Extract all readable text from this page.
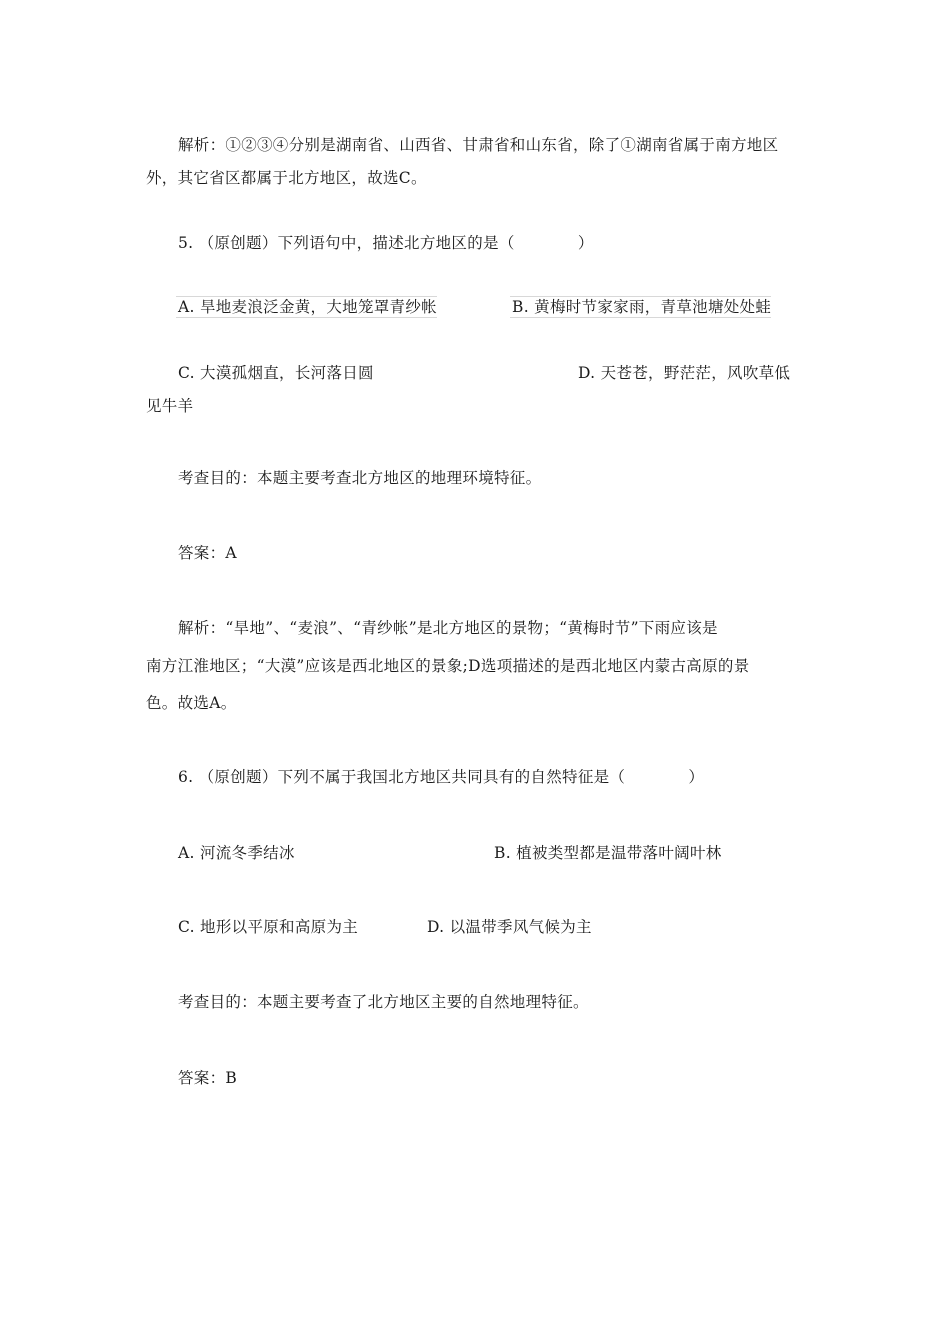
解析：①②③④分别是湖南省、山西省、甘肃省和山东省，除了①湖南省属于南方地区
外，其它省区都属于北方地区，故选C。
5. （原创题）下列语句中，描述北方地区的是（　　　　）
A. 旱地麦浪泛金黄，大地笼罩青纱帐	B. 黄梅时节家家雨，青草池塘处处蛙
C. 大漠孤烟直，长河落日圆	D. 天苍苍，野茫茫，风吹草低
见牛羊
考查目的：本题主要考查北方地区的地理环境特征。
答案：A
解析：“旱地”、“麦浪”、“青纱帐”是北方地区的景物；“黄梅时节”下雨应该是
南方江淮地区；“大漠”应该是西北地区的景象;D选项描述的是西北地区内蒙古高原的景
色。故选A。
6. （原创题）下列不属于我国北方地区共同具有的自然特征是（　　　　）
A. 河流冬季结冰	B. 植被类型都是温带落叶阔叶林
C. 地形以平原和高原为主	D. 以温带季风气候为主
考查目的：本题主要考查了北方地区主要的自然地理特征。
答案：B
